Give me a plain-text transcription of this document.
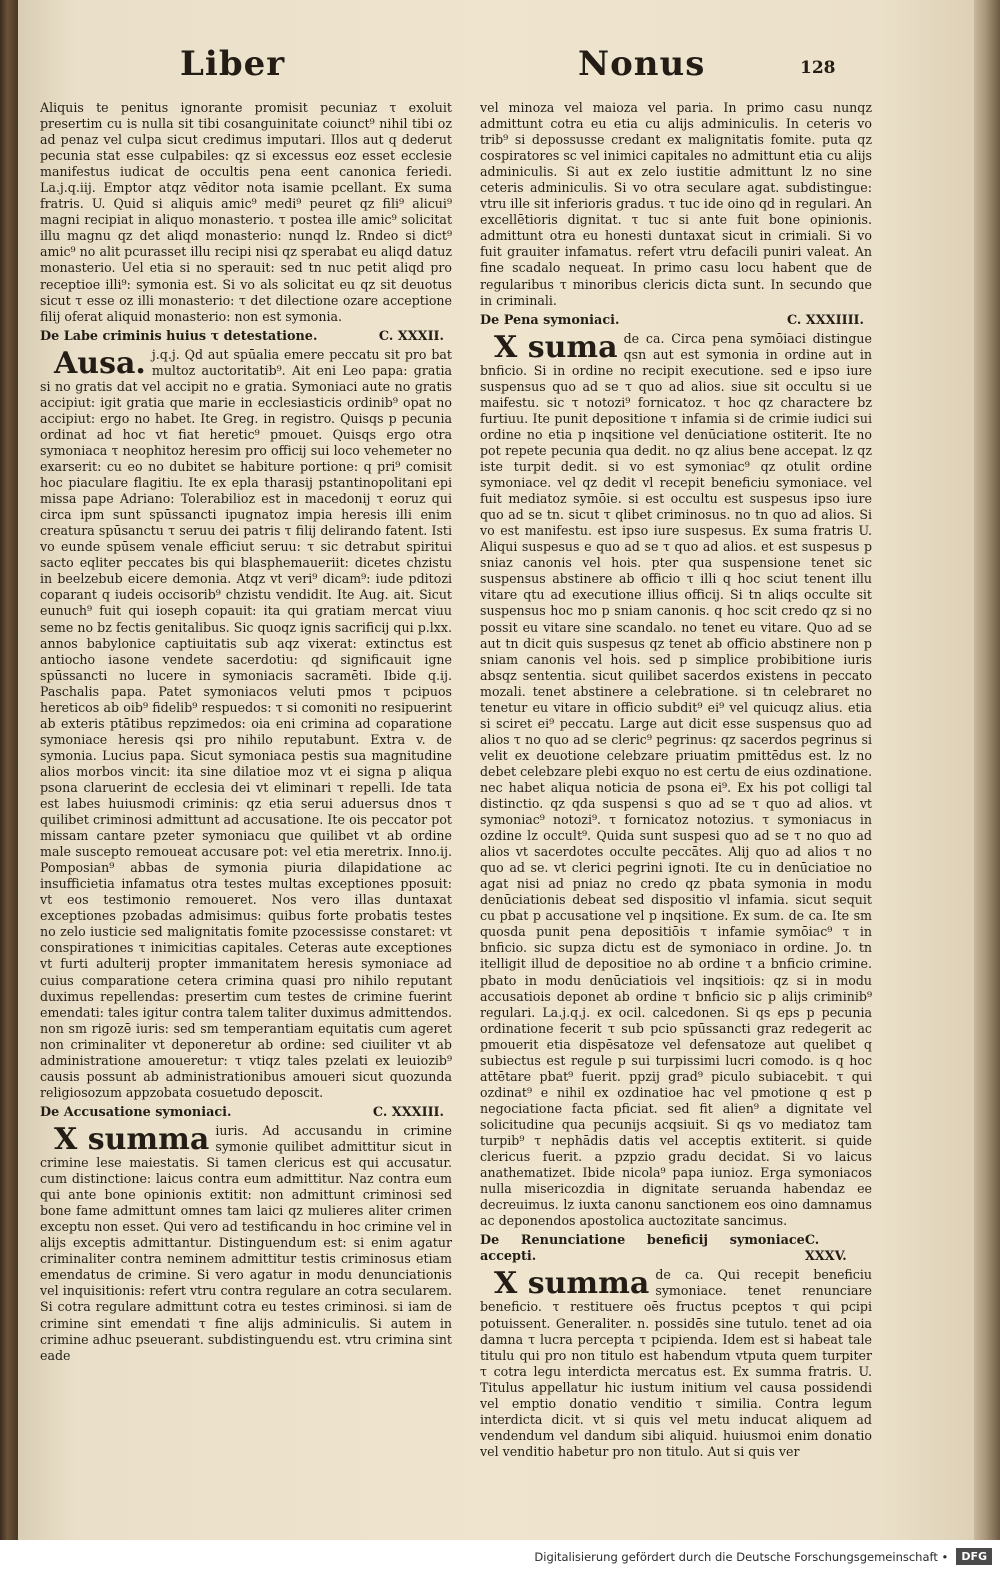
Liber	Nonus	128

Aliquis te penitus ignorante promisit pecuniaz τ exoluit presertim cu is nulla sit tibi cosanguinitate coiunct⁹ nihil tibi oz ad penaz vel culpa sicut credimus imputari. Illos aut q dederut pecunia stat esse culpabiles: qz si excessus eoz esset ecclesie manifestus iudicat de occultis pena eent canonica feriedi. La.j.q.iij. Emptor atqz vēditor nota isamie pcellant. Ex suma fratris. U. Quid si aliquis amic⁹ medi⁹ peuret qz fili⁹ alicui⁹ magni recipiat in aliquo monasterio. τ postea ille amic⁹ solicitat illu magnu qz det aliqd monasterio: nunqd lz. Rndeo si dict⁹ amic⁹ no alit pcurasset illu recipi nisi qz sperabat eu aliqd datuz monasterio. Uel etia si no sperauit: sed tn nuc petit aliqd pro receptioe illi⁹: symonia est. Si vo als solicitat eu qz sit deuotus sicut τ esse oz illi monasterio: τ det dilectione ozare acceptione filij oferat aliquid monasterio: non est symonia.

De Labe criminis huius τ detestatione.	C. XXXII.

Ausa. j.q.j. Qd aut spūalia emere peccatu sit pro bat multoz auctoritatib⁹. Ait eni Leo papa: gratia si no gratis dat vel accipit no e gratia. Symoniaci aute no gratis accipiut: igit gratia que marie in ecclesiasticis ordinib⁹ opat no accipiut: ergo no habet. Ite Greg. in registro. Quisqs p pecunia ordinat ad hoc vt fiat heretic⁹ pmouet. Quisqs ergo otra symoniaca τ neophitoz heresim pro officij sui loco vehemeter no exarserit: cu eo no dubitet se habiture portione: q pri⁹ comisit hoc piaculare flagitiu. Ite ex epla tharasij pstantinopolitani epi missa pape Adriano: Tolerabilioz est in macedonij τ eoruz qui circa ipm sunt spūssancti ipugnatoz impia heresis illi enim creatura spūsanctu τ seruu dei patris τ filij delirando fatent. Isti vo eunde spūsem venale efficiut seruu: τ sic detrabut spiritui sacto eqliter peccates bis qui blasphemaueriit: dicetes chzistu in beelzebub eicere demonia. Atqz vt veri⁹ dicam⁹: iude pditozi coparant q iudeis occisorib⁹ chzistu vendidit. Ite Aug. ait. Sicut eunuch⁹ fuit qui ioseph copauit: ita qui gratiam mercat viuu seme no bz fectis genitalibus. Sic quoqz ignis sacrificij qui p.lxx. annos babylonice captiuitatis sub aqz vixerat: extinctus est antiocho iasone vendete sacerdotiu: qd significauit igne spūssancti no lucere in symoniacis sacramēti. Ibide q.ij. Paschalis papa. Patet symoniacos veluti pmos τ pcipuos hereticos ab oib⁹ fidelib⁹ respuedos: τ si comoniti no resipuerint ab exteris ptātibus repzimedos: oia eni crimina ad coparatione symoniace heresis qsi pro nihilo reputabunt. Extra v. de symonia. Lucius papa. Sicut symoniaca pestis sua magnitudine alios morbos vincit: ita sine dilatioe moz vt ei signa p aliqua psona claruerint de ecclesia dei vt eliminari τ repelli. Ide tata est labes huiusmodi criminis: qz etia serui aduersus dnos τ quilibet criminosi admittunt ad accusatione. Ite ois peccator pot missam cantare pzeter symoniacu que quilibet vt ab ordine male suscepto remoueat accusare pot: vel etia meretrix. Inno.ij. Pomposian⁹ abbas de symonia piuria dilapidatione ac insufficietia infamatus otra testes multas exceptiones pposuit: vt eos testimonio remoueret. Nos vero illas duntaxat exceptiones pzobadas admisimus: quibus forte probatis testes no zelo iusticie sed malignitatis fomite pzocessisse constaret: vt conspirationes τ inimicitias capitales. Ceteras aute exceptiones vt furti adulterij propter immanitatem heresis symoniace ad cuius comparatione cetera crimina quasi pro nihilo reputant duximus repellendas: presertim cum testes de crimine fuerint emendati: tales igitur contra talem taliter duximus admittendos. non sm rigozē iuris: sed sm temperantiam equitatis cum ageret non criminaliter vt deponeretur ab ordine: sed ciuiliter vt ab administratione amoueretur: τ vtiqz tales pzelati ex leuiozib⁹ causis possunt ab administrationibus amoueri sicut quozunda religiosozum appzobata cosuetudo deposcit.

De Accusatione symoniaci.	C. XXXIII.

X summa iuris. Ad accusandu in crimine symonie quilibet admittitur sicut in crimine lese maiestatis. Si tamen clericus est qui accusatur. cum distinctione: laicus contra eum admittitur. Naz contra eum qui ante bone opinionis extitit: non admittunt criminosi sed bone fame admittunt omnes tam laici qz mulieres aliter crimen exceptu non esset. Qui vero ad testificandu in hoc crimine vel in alijs exceptis admittantur. Distinguendum est: si enim agatur criminaliter contra neminem admittitur testis criminosus etiam emendatus de crimine. Si vero agatur in modu denunciationis vel inquisitionis: refert vtru contra regulare an cotra secularem. Si cotra regulare admittunt cotra eu testes criminosi. si iam de crimine sint emendati τ fine alijs adminiculis. Si autem in crimine adhuc pseuerant. subdistinguendu est. vtru crimina sint eade

vel minoza vel maioza vel paria. In primo casu nunqz admittunt cotra eu etia cu alijs adminiculis. In ceteris vo trib⁹ si depossusse credant ex malignitatis fomite. puta qz cospiratores sc vel inimici capitales no admittunt etia cu alijs adminiculis. Si aut ex zelo iustitie admittunt lz no sine ceteris adminiculis. Si vo otra seculare agat. subdistingue: vtru ille sit inferioris gradus. τ tuc ide oino qd in regulari. An excellētioris dignitat. τ tuc si ante fuit bone opinionis. admittunt otra eu honesti duntaxat sicut in crimiali. Si vo fuit grauiter infamatus. refert vtru defacili puniri valeat. An fine scadalo nequeat. In primo casu locu habent que de regularibus τ minoribus clericis dicta sunt. In secundo que in criminali.

De Pena symoniaci.	C. XXXIIII.

X suma de ca. Circa pena symōiaci distingue qsn aut est symonia in ordine aut in bnficio. Si in ordine no recipit executione. sed e ipso iure suspensus quo ad se τ quo ad alios. siue sit occultu si ue maifestu. sic τ notozi⁹ fornicatoz. τ hoc qz charactere bz furtiuu. Ite punit depositione τ infamia si de crimie iudici sui ordine no etia p inqsitione vel denūciatione ostiterit. Ite no pot repete pecunia qua dedit. no qz alius bene accepat. lz qz iste turpit dedit. si vo est symoniac⁹ qz otulit ordine symoniace. vel qz dedit vl recepit beneficiu symoniace. vel fuit mediatoz symōie. si est occultu est suspesus ipso iure quo ad se tn. sicut τ qlibet criminosus. no tn quo ad alios. Si vo est manifestu. est ipso iure suspesus. Ex suma fratris U. Aliqui suspesus e quo ad se τ quo ad alios. et est suspesus p sniaz canonis vel hois. pter qua suspensione tenet sic suspensus abstinere ab officio τ illi q hoc sciut tenent illu vitare qtu ad executione illius officij. Si tn aliqs occulte sit suspensus hoc mo p sniam canonis. q hoc scit credo qz si no possit eu vitare sine scandalo. no tenet eu vitare. Quo ad se aut tn dicit quis suspesus qz tenet ab officio abstinere non p sniam canonis vel hois. sed p simplice probibitione iuris absqz sententia. sicut quilibet sacerdos existens in peccato mozali. tenet abstinere a celebratione. si tn celebraret no tenetur eu vitare in officio subdit⁹ ei⁹ vel quicuqz alius. etia si sciret ei⁹ peccatu. Large aut dicit esse suspensus quo ad alios τ no quo ad se cleric⁹ pegrinus: qz sacerdos pegrinus si velit ex deuotione celebzare priuatim pmittēdus est. lz no debet celebzare plebi exquo no est certu de eius ozdinatione. nec habet aliqua noticia de psona ei⁹. Ex his pot colligi tal distinctio. qz qda suspensi s quo ad se τ quo ad alios. vt symoniac⁹ notozi⁹. τ fornicatoz notozius. τ symoniacus in ozdine lz occult⁹. Quida sunt suspesi quo ad se τ no quo ad alios vt sacerdotes occulte peccātes. Alij quo ad alios τ no quo ad se. vt clerici pegrini ignoti. Ite cu in denūciatioe no agat nisi ad pniaz no credo qz pbata symonia in modu denūciationis debeat sed dispositio vl infamia. sicut sequit cu pbat p accusatione vel p inqsitione. Ex sum. de ca. Ite sm quosda punit pena depositiōis τ infamie symōiac⁹ τ in bnficio. sic supza dictu est de symoniaco in ordine. Jo. tn itelligit illud de depositioe no ab ordine τ a bnficio crimine. pbato in modu denūciatiois vel inqsitiois: qz si in modu accusatiois deponet ab ordine τ bnficio sic p alijs criminib⁹ regulari. La.j.q.j. ex ocil. calcedonen. Si qs eps p pecunia ordinatione fecerit τ sub pcio spūssancti graz redegerit ac pmouerit etia dispēsatoze vel defensatoze aut quelibet q subiectus est regule p sui turpissimi lucri comodo. is q hoc attētare pbat⁹ fuerit. ppzij grad⁹ piculo subiacebit. τ qui ozdinat⁹ e nihil ex ozdinatioe hac vel pmotione q est p negociatione facta pficiat. sed fit alien⁹ a dignitate vel solicitudine qua pecunijs acqsiuit. Si qs vo mediatoz tam turpib⁹ τ nephādis datis vel acceptis extiterit. si quide clericus fuerit. a pzpzio gradu decidat. Si vo laicus anathematizet. Ibide nicola⁹ papa iunioz. Erga symoniacos nulla misericozdia in dignitate seruanda habendaz ee decreuimus. lz iuxta canonu sanctionem eos oino damnamus ac deponendos apostolica auctozitate sancimus.

De Renunciatione beneficij symoniace accepti.
C. XXXV.

X summa de ca. Qui recepit beneficiu symoniace. tenet renunciare beneficio. τ restituere oēs fructus pceptos τ qui pcipi potuissent. Generaliter. n. possidēs sine tutulo. tenet ad oia damna τ lucra percepta τ pcipienda. Idem est si habeat tale titulu qui pro non titulo est habendum vtputa quem turpiter τ cotra legu interdicta mercatus est. Ex summa fratris. U. Titulus appellatur hic iustum initium vel causa possidendi vel emptio donatio venditio τ similia. Contra legum interdicta dicit. vt si quis vel metu inducat aliquem ad vendendum vel dandum sibi aliquid. huiusmoi enim donatio vel venditio habetur pro non titulo. Aut si quis ver

Digitalisierung gefördert durch die Deutsche Forschungsgemeinschaft •	DFG
